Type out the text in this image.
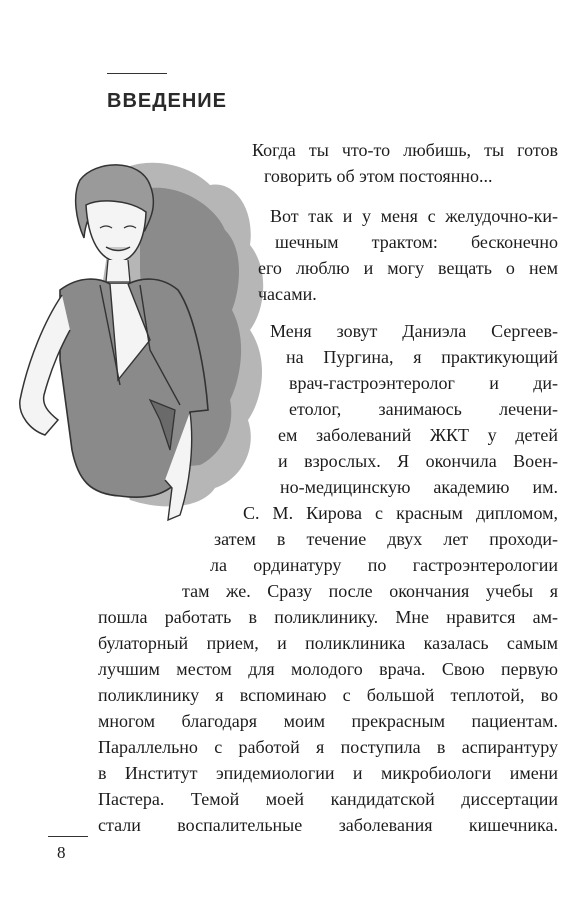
ВВЕДЕНИЕ
Когда ты что-то любишь, ты готов
говорить об этом постоянно...
Вот так и у меня с желудочно-ки-
шечным трактом: бесконечно
его люблю и могу вещать о нем
часами.
Меня зовут Даниэла Сергеев-
на Пургина, я практикующий
врач-гастроэнтеролог и ди-
етолог, занимаюсь лечени-
ем заболеваний ЖКТ у детей
и взрослых. Я окончила Воен-
но-медицинскую академию им.
С. М. Кирова с красным дипломом,
затем в течение двух лет проходи-
ла ординатуру по гастроэнтерологии
там же. Сразу после окончания учебы я
пошла работать в поликлинику. Мне нравится ам-
булаторный прием, и поликлиника казалась самым
лучшим местом для молодого врача. Свою первую
поликлинику я вспоминаю с большой теплотой, во
многом благодаря моим прекрасным пациентам.
Параллельно с работой я поступила в аспирантуру
в Институт эпидемиологии и микробиологи имени
Пастера. Темой моей кандидатской диссертации
стали воспалительные заболевания кишечника.
8
